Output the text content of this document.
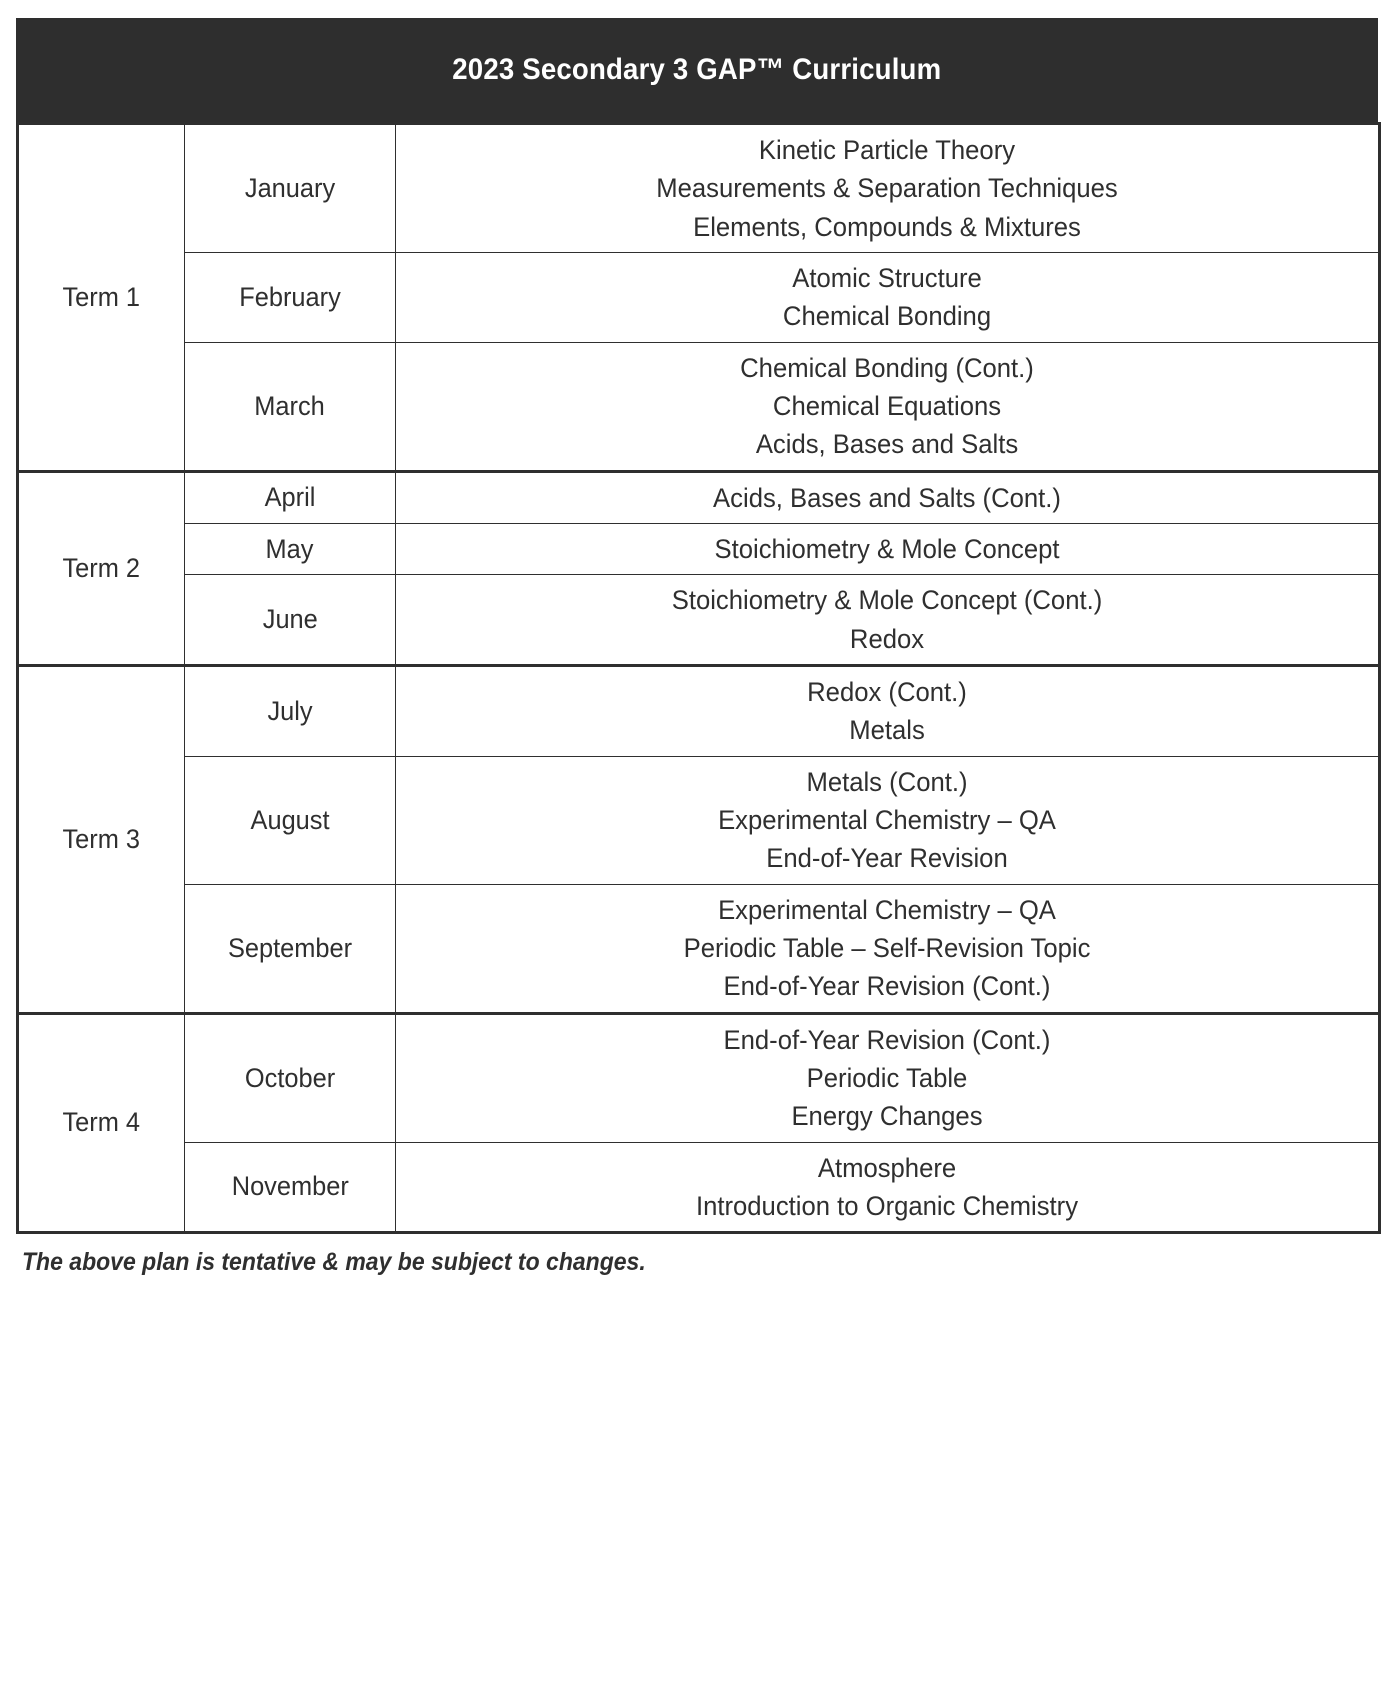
2023 Secondary 3 GAP™ Curriculum
Term 1	January	Kinetic Particle Theory
Measurements & Separation Techniques
Elements, Compounds & Mixtures

	February	Atomic Structure
Chemical Bonding

	March	Chemical Bonding (Cont.)
Chemical Equations
Acids, Bases and Salts

Term 2	April	Acids, Bases and Salts (Cont.)

	May	Stoichiometry & Mole Concept

	June	Stoichiometry & Mole Concept (Cont.)
Redox

Term 3	July	Redox (Cont.)
Metals

	August	Metals (Cont.)
Experimental Chemistry – QA
End-of-Year Revision

	September	Experimental Chemistry – QA
Periodic Table – Self-Revision Topic
End-of-Year Revision (Cont.)

Term 4	October	End-of-Year Revision (Cont.)
Periodic Table
Energy Changes

	November	Atmosphere
Introduction to Organic Chemistry
The above plan is tentative & may be subject to changes.
